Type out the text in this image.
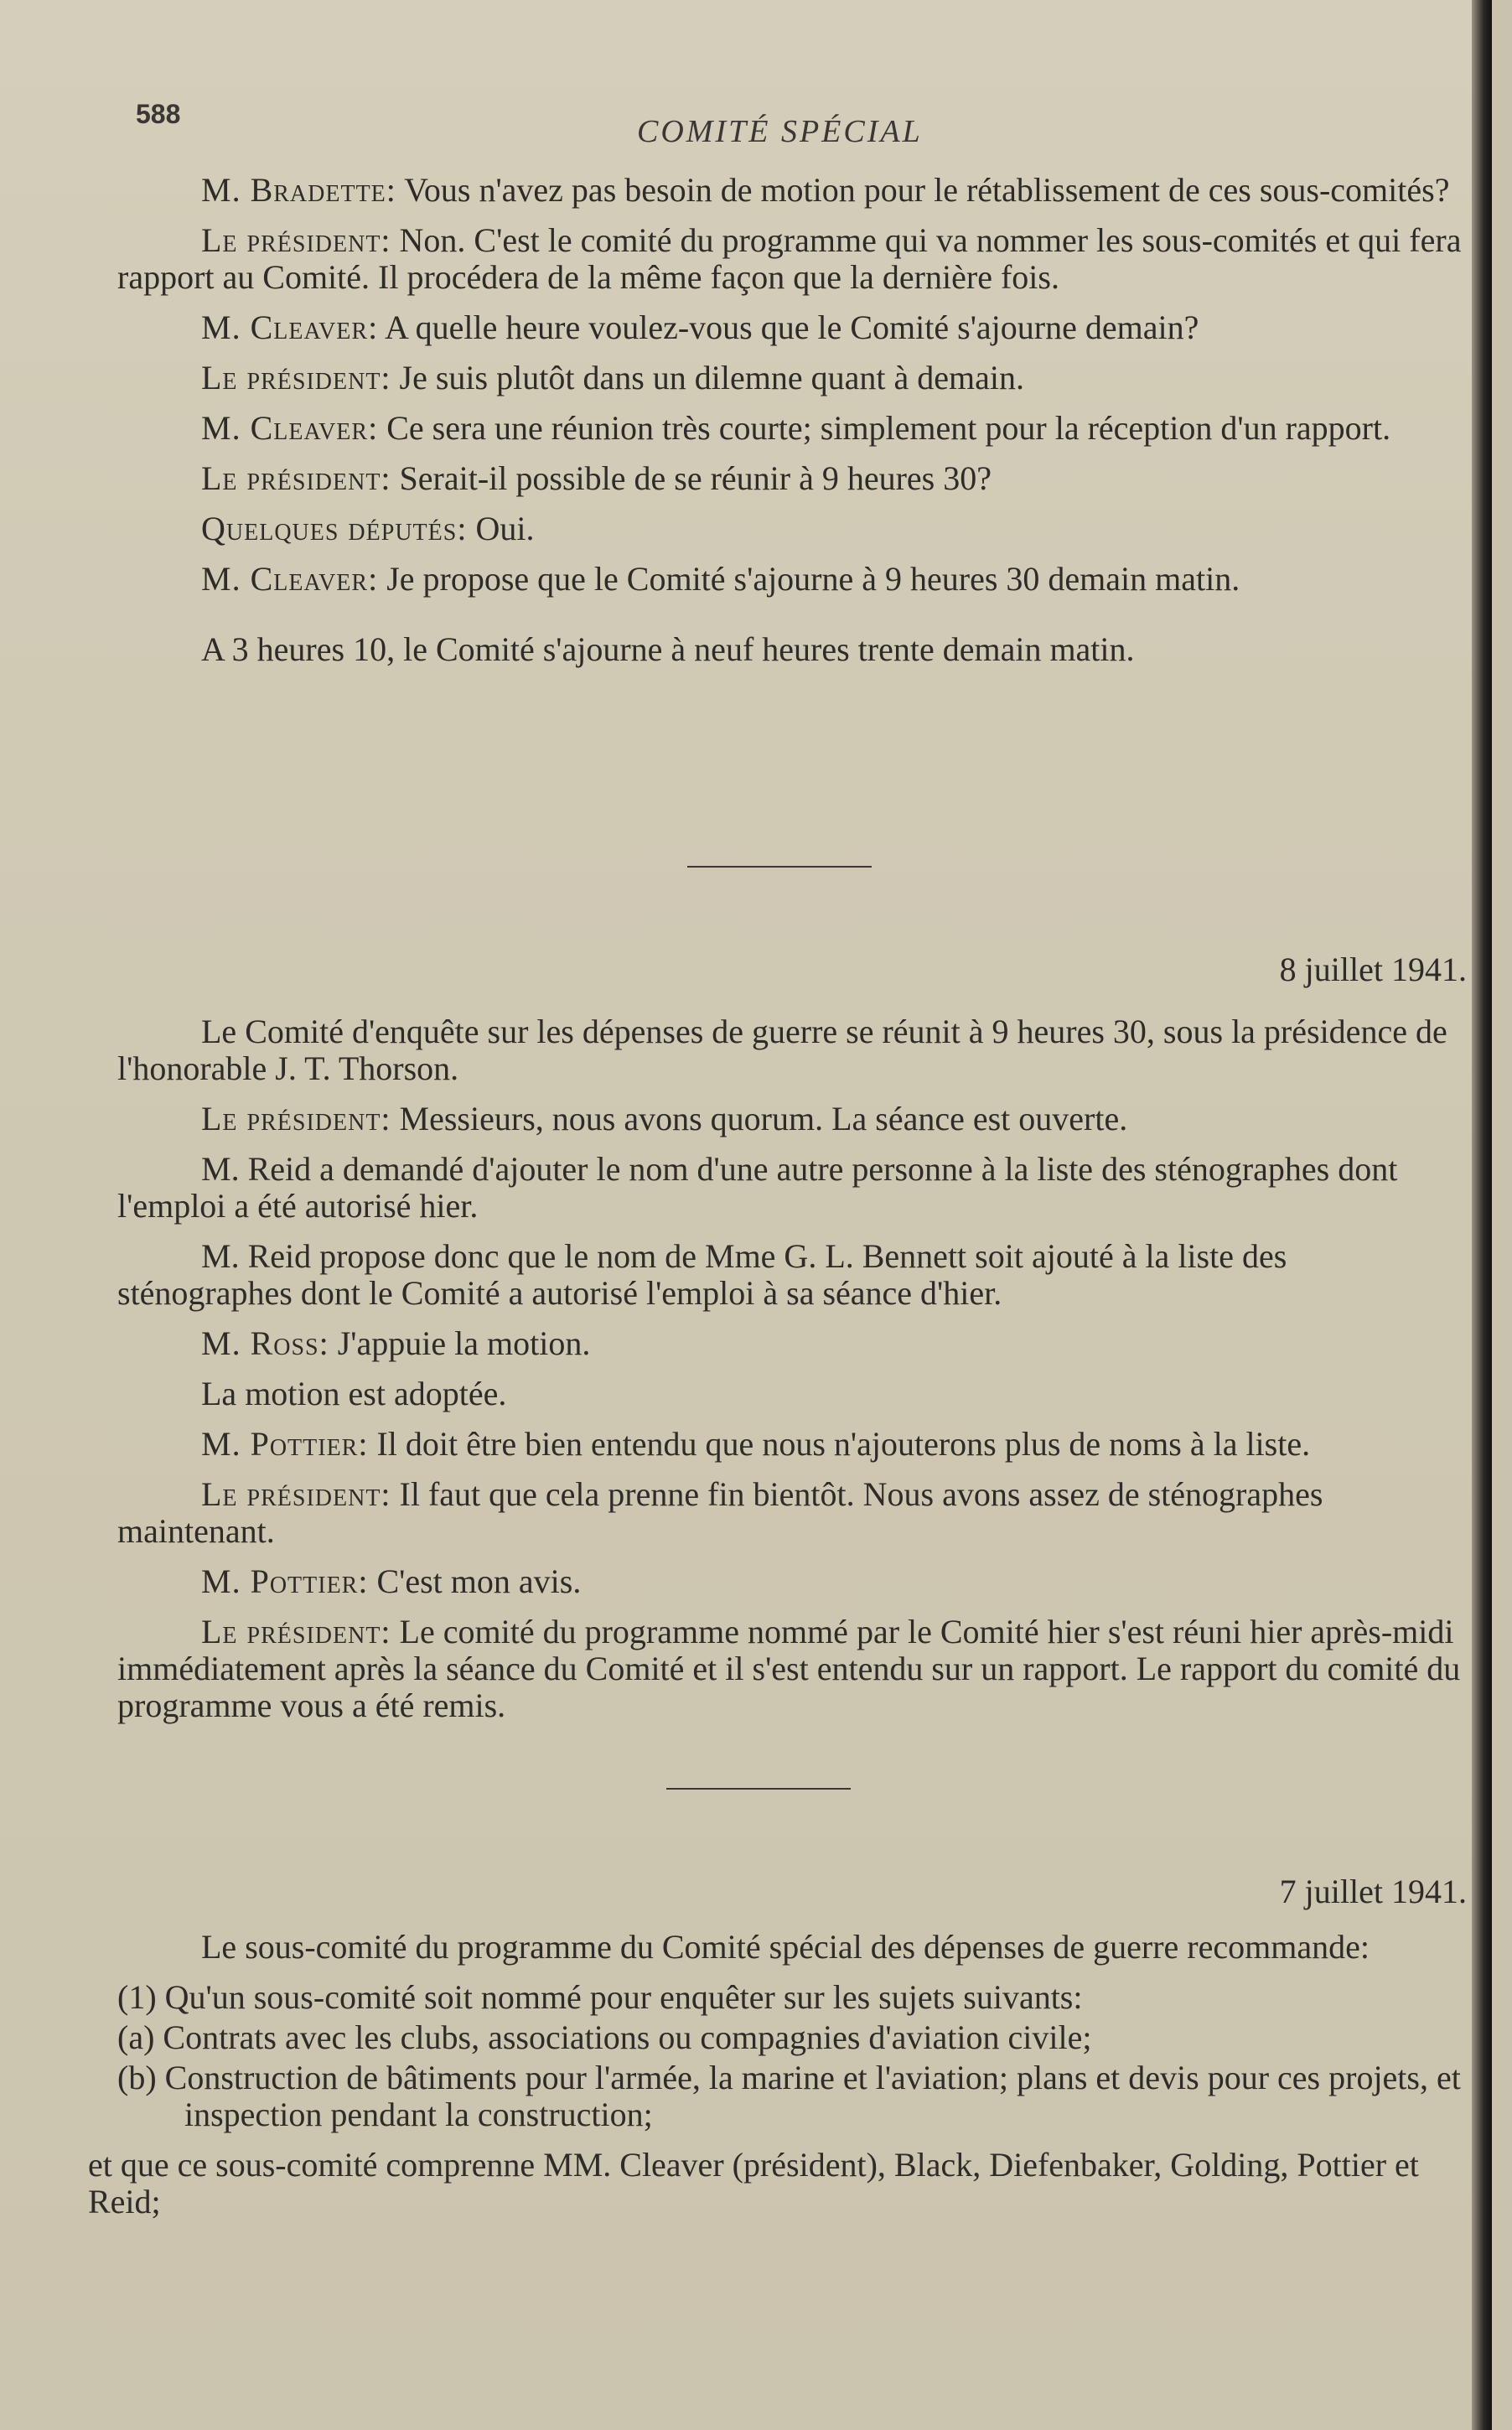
588	COMITÉ SPÉCIAL

M. Bradette: Vous n'avez pas besoin de motion pour le rétablissement de ces sous-comités?

Le président: Non. C'est le comité du programme qui va nommer les sous-comités et qui fera rapport au Comité. Il procédera de la même façon que la dernière fois.

M. Cleaver: A quelle heure voulez-vous que le Comité s'ajourne demain?

Le président: Je suis plutôt dans un dilemne quant à demain.

M. Cleaver: Ce sera une réunion très courte; simplement pour la réception d'un rapport.

Le président: Serait-il possible de se réunir à 9 heures 30?

Quelques députés: Oui.

M. Cleaver: Je propose que le Comité s'ajourne à 9 heures 30 demain matin.

A 3 heures 10, le Comité s'ajourne à neuf heures trente demain matin.

8 juillet 1941.

Le Comité d'enquête sur les dépenses de guerre se réunit à 9 heures 30, sous la présidence de l'honorable J. T. Thorson.

Le président: Messieurs, nous avons quorum. La séance est ouverte.

M. Reid a demandé d'ajouter le nom d'une autre personne à la liste des sténographes dont l'emploi a été autorisé hier.

M. Reid propose donc que le nom de Mme G. L. Bennett soit ajouté à la liste des sténographes dont le Comité a autorisé l'emploi à sa séance d'hier.

M. Ross: J'appuie la motion.

La motion est adoptée.

M. Pottier: Il doit être bien entendu que nous n'ajouterons plus de noms à la liste.

Le président: Il faut que cela prenne fin bientôt. Nous avons assez de sténographes maintenant.

M. Pottier: C'est mon avis.

Le président: Le comité du programme nommé par le Comité hier s'est réuni hier après-midi immédiatement après la séance du Comité et il s'est entendu sur un rapport. Le rapport du comité du programme vous a été remis.

7 juillet 1941.

Le sous-comité du programme du Comité spécial des dépenses de guerre recommande:

(1) Qu'un sous-comité soit nommé pour enquêter sur les sujets suivants:

(a) Contrats avec les clubs, associations ou compagnies d'aviation civile;

(b) Construction de bâtiments pour l'armée, la marine et l'aviation; plans et devis pour ces projets, et inspection pendant la construction;

et que ce sous-comité comprenne MM. Cleaver (président), Black, Diefenbaker, Golding, Pottier et Reid;
